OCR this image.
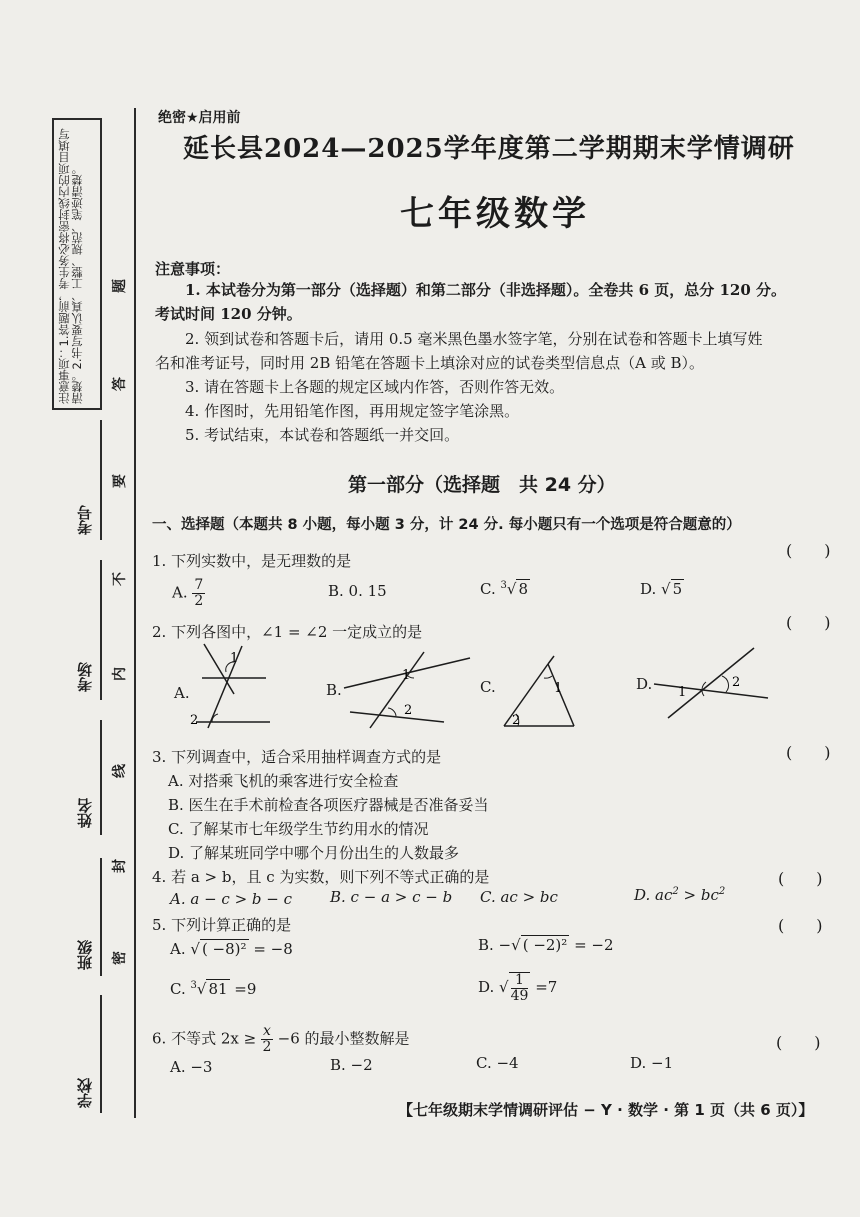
注意事项：1.答题前，考生务必将密封线内的项目填写清楚。2.书写要认真、工整、规范、笔迹清楚。
考号
考场
姓名
班级
学校
题
答
要
不
内
线
封
密
绝密★启用前
延长县2024—2025学年度第二学期期末学情调研
七年级数学
注意事项：
1. 本试卷分为第一部分（选择题）和第二部分（非选择题）。全卷共 6 页，总分 120 分。
考试时间 120 分钟。
2. 领到试卷和答题卡后，请用 0.5 毫米黑色墨水签字笔，分别在试卷和答题卡上填写姓
名和准考证号，同时用 2B 铅笔在答题卡上填涂对应的试卷类型信息点（A 或 B）。
3. 请在答题卡上各题的规定区域内作答，否则作答无效。
4. 作图时，先用铅笔作图，再用规定签字笔涂黑。
5. 考试结束，本试卷和答题纸一并交回。
第一部分（选择题　共 24 分）
一、选择题（本题共 8 小题，每小题 3 分，计 24 分. 每小题只有一个选项是符合题意的）
1. 下列实数中，是无理数的是
(　　)
A. $\frac{7}{2}$	B. 0. 15	C. $^3$√ 8	D. √ 5
2. 下列各图中，∠1 = ∠2 一定成立的是	(　　)
A.
1
2
B.
1
2
C.	1
2
D. 1
2
3. 下列调查中，适合采用抽样调查方式的是	(　　)
A. 对搭乘飞机的乘客进行安全检查
B. 医生在手术前检查各项医疗器械是否准备妥当
C. 了解某市七年级学生节约用水的情况
D. 了解某班同学中哪个月份出生的人数最多
4. 若 a > b，且 c 为实数，则下列不等式正确的是	(　　)
A. a − c > b − c	B. c − a > c − b C. ac > bc	D. $ac^2 > bc^2$
5. 下列计算正确的是	(　　)
A. √ ( −8)² = −8	B. −√ ( −2)² = −2
C. $^3$√ 81 =9	D. √ $\frac{1}{49} =7$
6. 不等式 $2x \ge \frac{x}{2} -6$ 的最小整数解是	(　　)
A. −3	B. −2	C. −4	D. −1
【七年级期末学情调研评估 − Y · 数学 · 第 1 页（共 6 页）】
